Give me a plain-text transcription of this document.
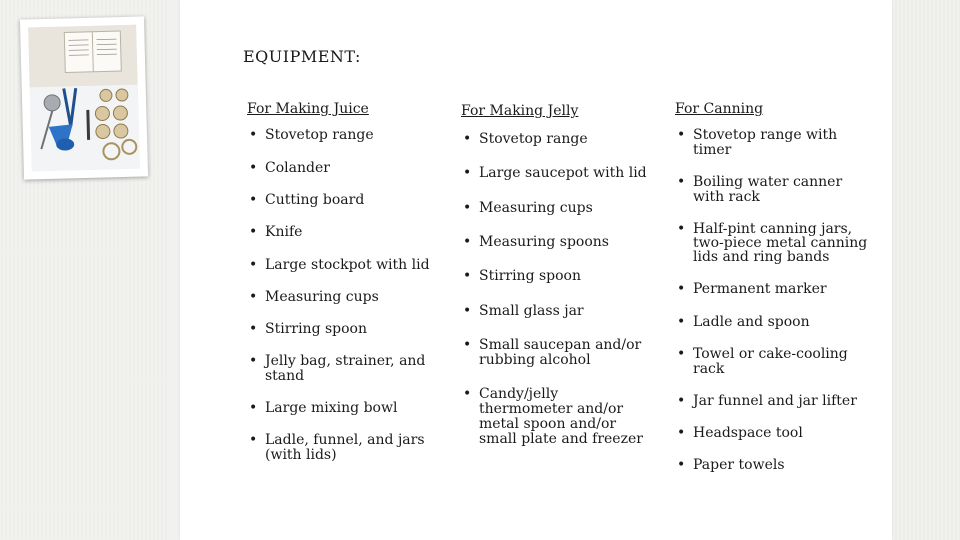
EQUIPMENT:
For Making Juice
• Stovetop range
• Colander
• Cutting board
• Knife
• Large stockpot with lid
• Measuring cups
• Stirring spoon
• Jelly bag, strainer, and stand
• Large mixing bowl
• Ladle, funnel, and jars (with lids)
For Making Jelly
• Stovetop range
• Large saucepot with lid
• Measuring cups
• Measuring spoons
• Stirring spoon
• Small glass jar
• Small saucepan and/or rubbing alcohol
• Candy/jelly thermometer and/or metal spoon and/or small plate and freezer
For Canning
• Stovetop range with timer
• Boiling water canner with rack
• Half-pint canning jars, two-piece metal canning lids and ring bands
• Permanent marker
• Ladle and spoon
• Towel or cake-cooling rack
• Jar funnel and jar lifter
• Headspace tool
• Paper towels
